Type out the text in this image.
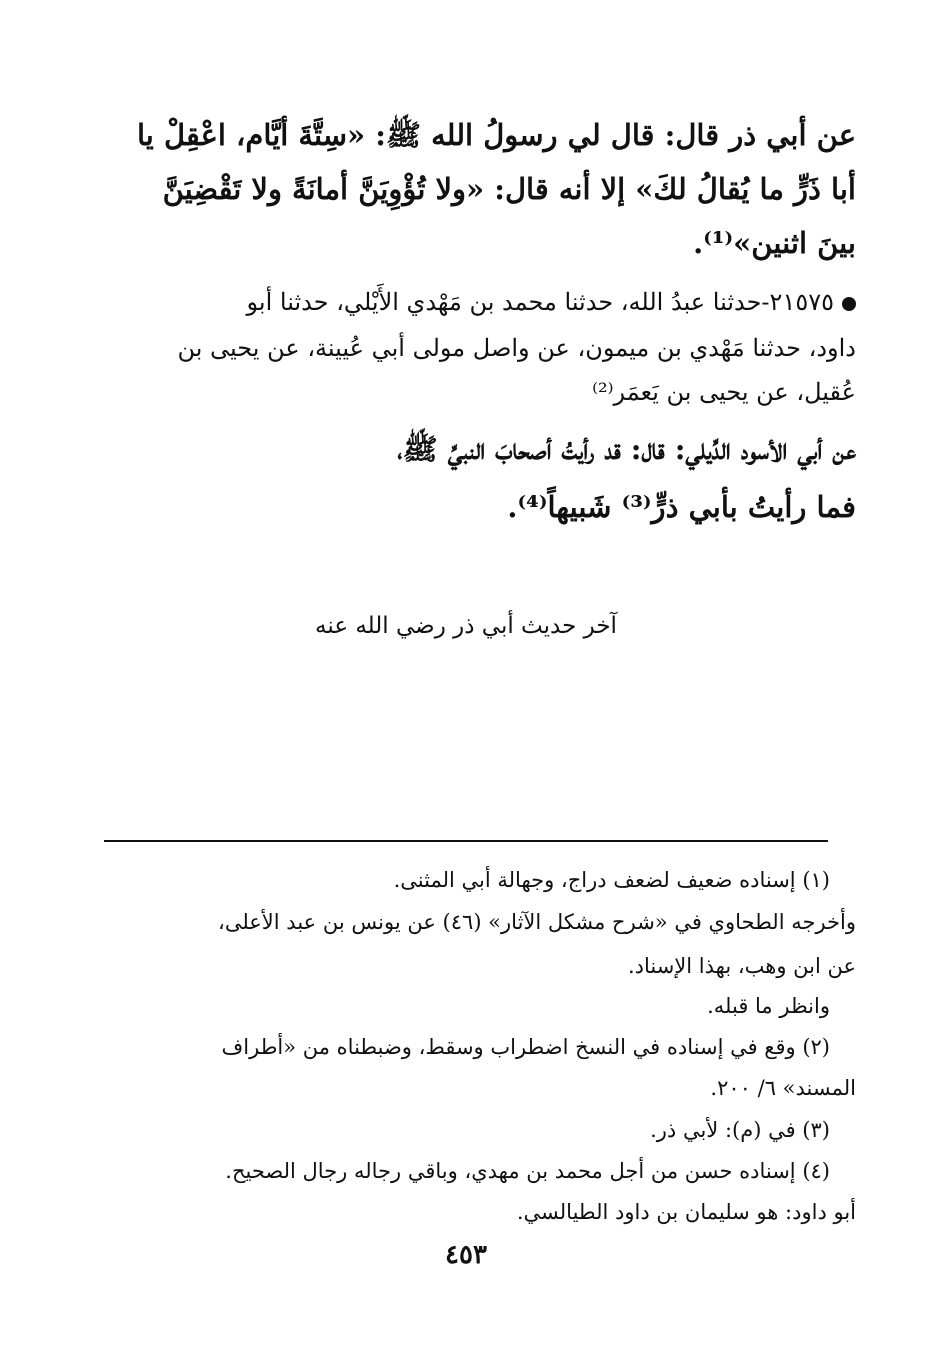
عن أبي ذر قال: قال لي رسولُ الله ﷺ: «سِتَّةَ أيَّام، اعْقِلْ يا
أبا ذَرٍّ ما يُقالُ لكَ» إلا أنه قال: «ولا تُؤْوِيَنَّ أمانَةً ولا تَقْضِيَنَّ
بينَ اثنين»⁽¹⁾.
٢١٥٧٥-حدثنا عبدُ الله، حدثنا محمد بن مَهْدي الأَيْلي، حدثنا أبو
داود، حدثنا مَهْدي بن ميمون، عن واصل مولى أبي عُيينة، عن يحيى بن
عُقيل، عن يحيى بن يَعمَر⁽²⁾
عن أبي الأسود الدِّيلي: قال: قد رأيتُ أصحابَ النبيِّ ﷺ،
فما رأيتُ بأبي ذرٍّ⁽³⁾ شَبيهاً⁽⁴⁾.
آخر حديث أبي ذر رضي الله عنه
(١) إسناده ضعيف لضعف دراج، وجهالة أبي المثنى.
وأخرجه الطحاوي في «شرح مشكل الآثار» (٤٦) عن يونس بن عبد الأعلى،
عن ابن وهب، بهذا الإسناد.
وانظر ما قبله.
(٢) وقع في إسناده في النسخ اضطراب وسقط، وضبطناه من «أطراف
المسند» ٦/ ٢٠٠.
(٣) في (م): لأبي ذر.
(٤) إسناده حسن من أجل محمد بن مهدي، وباقي رجاله رجال الصحيح.
أبو داود: هو سليمان بن داود الطيالسي.
٤٥٣
